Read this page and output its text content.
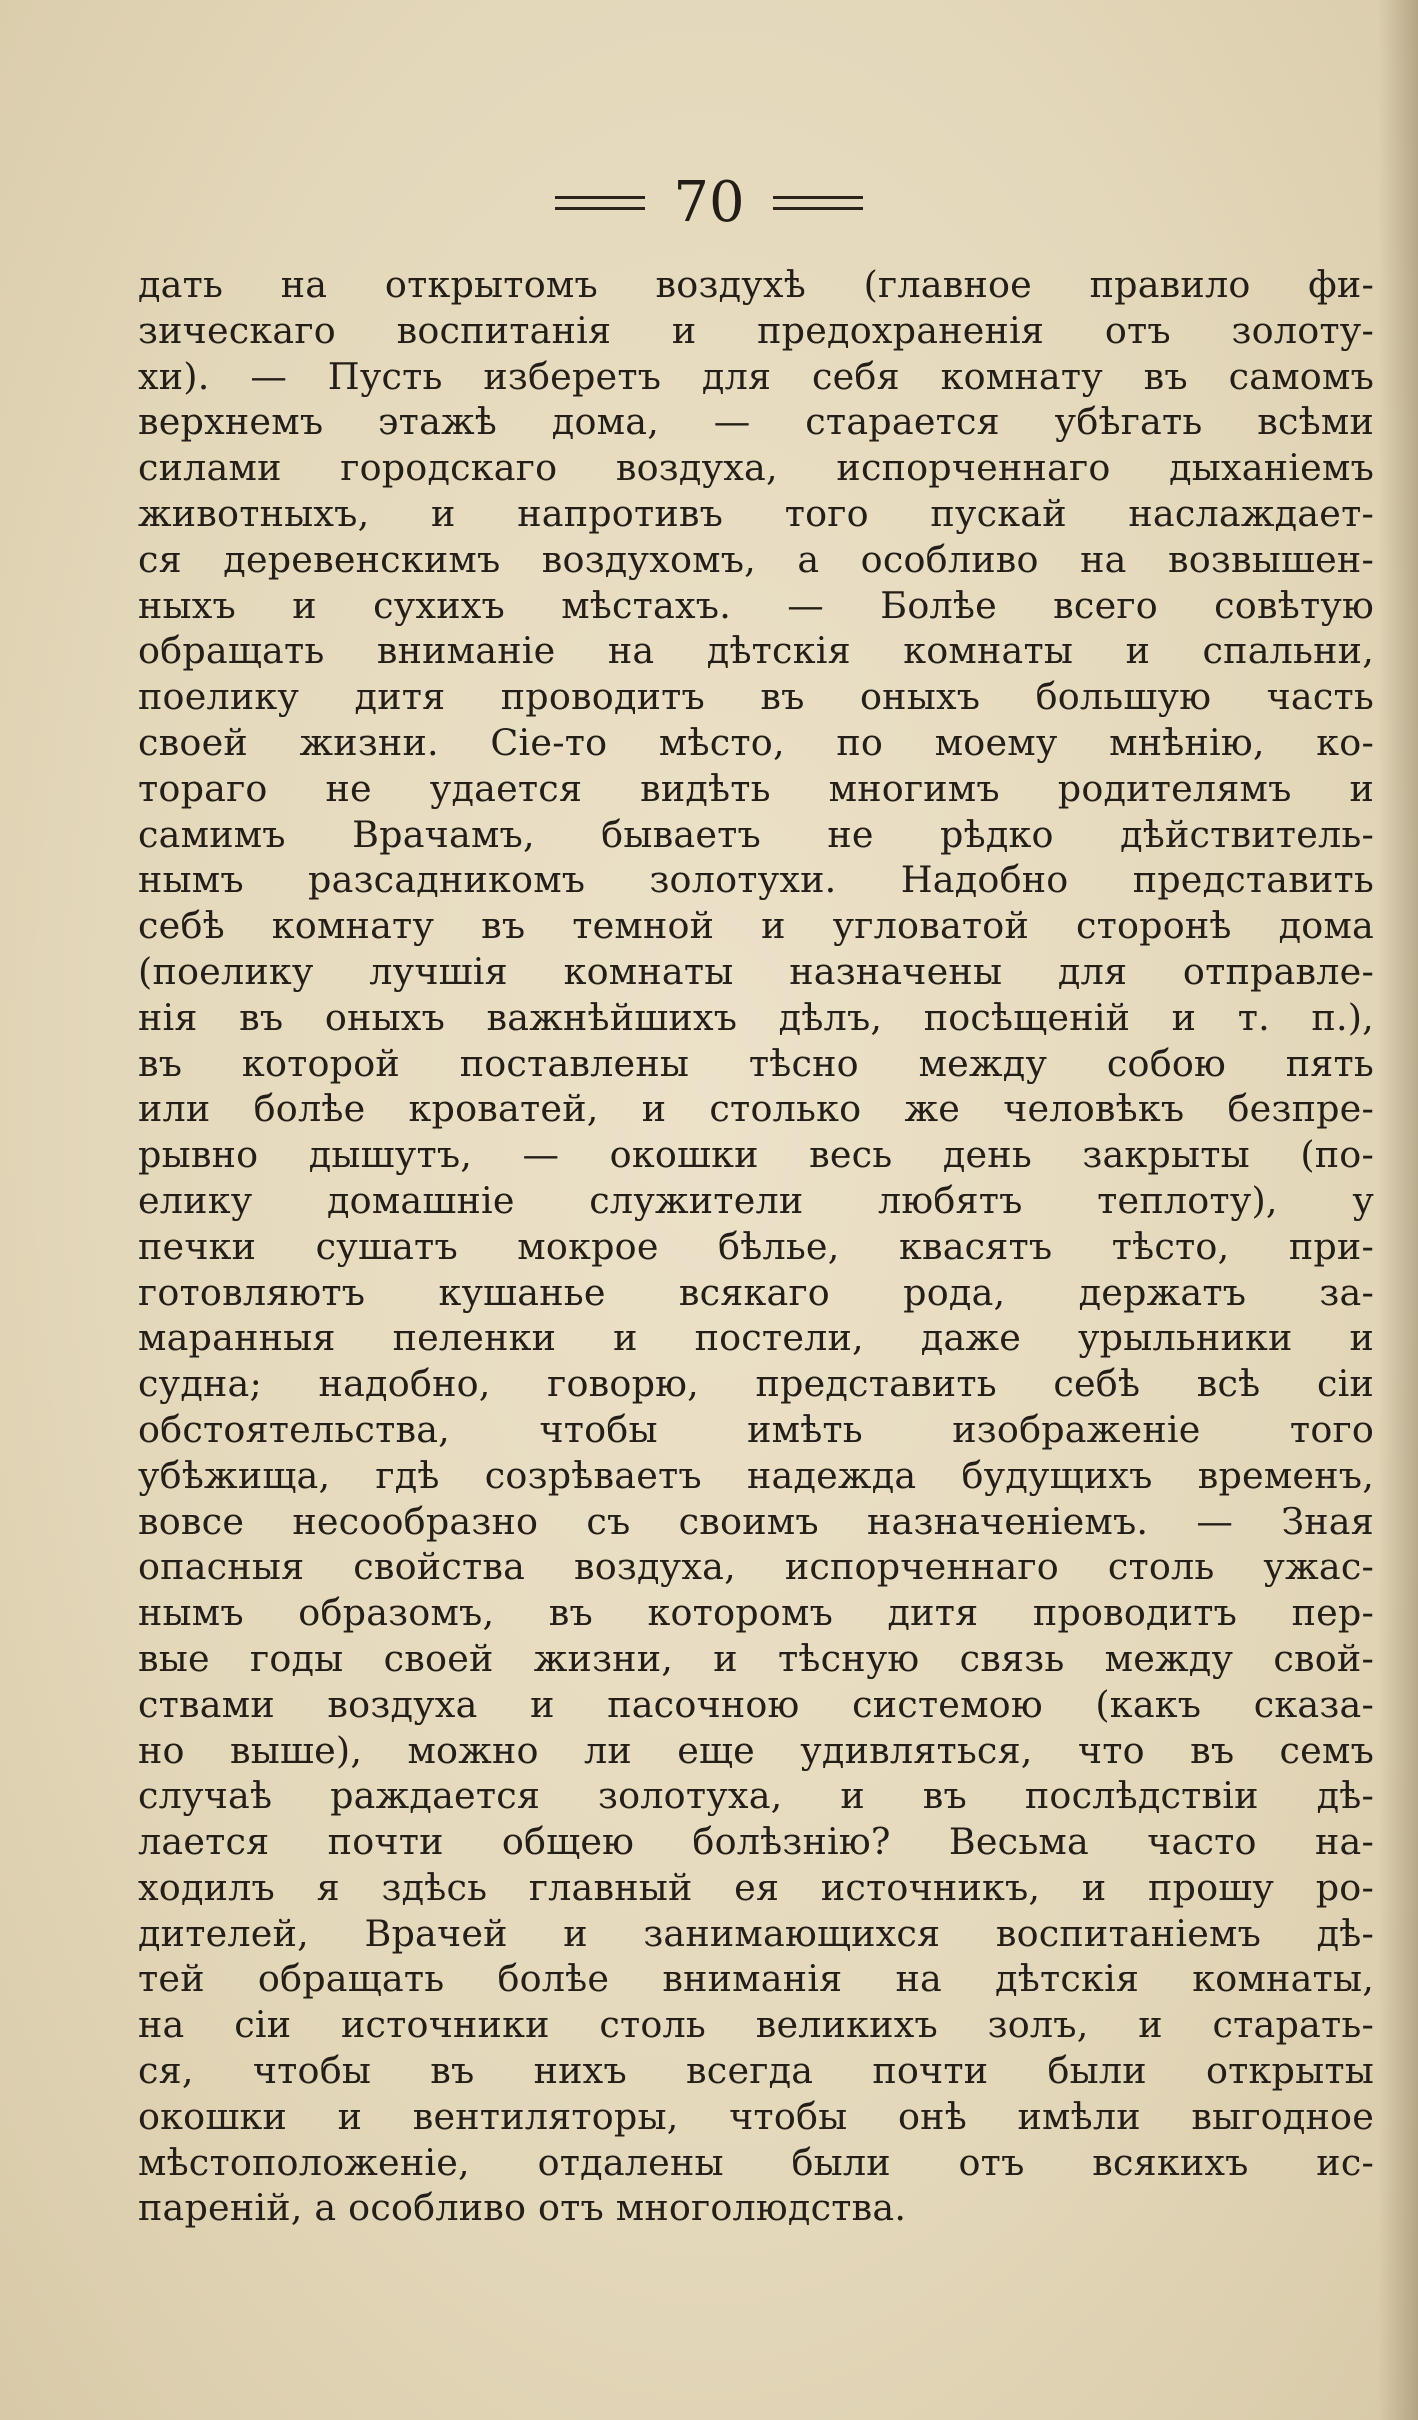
70
дать на открытомъ воздухѣ (главное правило фи-
зическаго воспитанія и предохраненія отъ золоту-
хи). — Пусть изберетъ для себя комнату въ самомъ
верхнемъ этажѣ дома, — старается убѣгать всѣми
силами городскаго воздуха, испорченнаго дыханіемъ
животныхъ, и напротивъ того пускай наслаждает-
ся деревенскимъ воздухомъ, а особливо на возвышен-
ныхъ и сухихъ мѣстахъ. — Болѣе всего совѣтую
обращать вниманіе на дѣтскія комнаты и спальни,
поелику дитя проводитъ въ оныхъ большую часть
своей жизни. Сіе-то мѣсто, по моему мнѣнію, ко-
тораго не удается видѣть многимъ родителямъ и
самимъ Врачамъ, бываетъ не рѣдко дѣйствитель-
нымъ разсадникомъ золотухи. Надобно представить
себѣ комнату въ темной и угловатой сторонѣ дома
(поелику лучшія комнаты назначены для отправле-
нія въ оныхъ важнѣйшихъ дѣлъ, посѣщеній и т. п.),
въ которой поставлены тѣсно между собою пять
или болѣе кроватей, и столько же человѣкъ безпре-
рывно дышутъ, — окошки весь день закрыты (по-
елику домашніе служители любятъ теплоту), у
печки сушатъ мокрое бѣлье, квасятъ тѣсто, при-
готовляютъ кушанье всякаго рода, держатъ за-
маранныя пеленки и постели, даже урыльники и
судна; надобно, говорю, представить себѣ всѣ сіи
обстоятельства, чтобы имѣть изображеніе того
убѣжища, гдѣ созрѣваетъ надежда будущихъ временъ,
вовсе несообразно съ своимъ назначеніемъ. — Зная
опасныя свойства воздуха, испорченнаго столь ужас-
нымъ образомъ, въ которомъ дитя проводитъ пер-
вые годы своей жизни, и тѣсную связь между свой-
ствами воздуха и пасочною системою (какъ сказа-
но выше), можно ли еще удивляться, что въ семъ
случаѣ раждается золотуха, и въ послѣдствіи дѣ-
лается почти общею болѣзнію? Весьма часто на-
ходилъ я здѣсь главный ея источникъ, и прошу ро-
дителей, Врачей и занимающихся воспитаніемъ дѣ-
тей обращать болѣе вниманія на дѣтскія комнаты,
на сіи источники столь великихъ золъ, и старать-
ся, чтобы въ нихъ всегда почти были открыты
окошки и вентиляторы, чтобы онѣ имѣли выгодное
мѣстоположеніе, отдалены были отъ всякихъ ис-
пареній, а особливо отъ многолюдства.
